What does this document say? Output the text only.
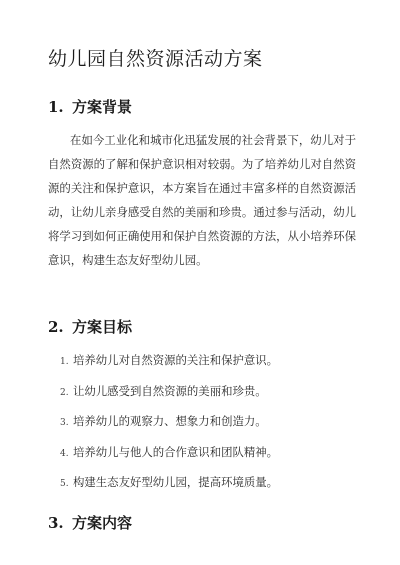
幼儿园自然资源活动方案
1. 方案背景

在如今工业化和城市化迅猛发展的社会背景下，幼儿对于自然资源的了解和保护意识相对较弱。为了培养幼儿对自然资源的关注和保护意识，本方案旨在通过丰富多样的自然资源活动，让幼儿亲身感受自然的美丽和珍贵。通过参与活动，幼儿将学习到如何正确使用和保护自然资源的方法，从小培养环保意识，构建生态友好型幼儿园。

2. 方案目标
1. 培养幼儿对自然资源的关注和保护意识。
2. 让幼儿感受到自然资源的美丽和珍贵。
3. 培养幼儿的观察力、想象力和创造力。
4. 培养幼儿与他人的合作意识和团队精神。
5. 构建生态友好型幼儿园，提高环境质量。
3. 方案内容
